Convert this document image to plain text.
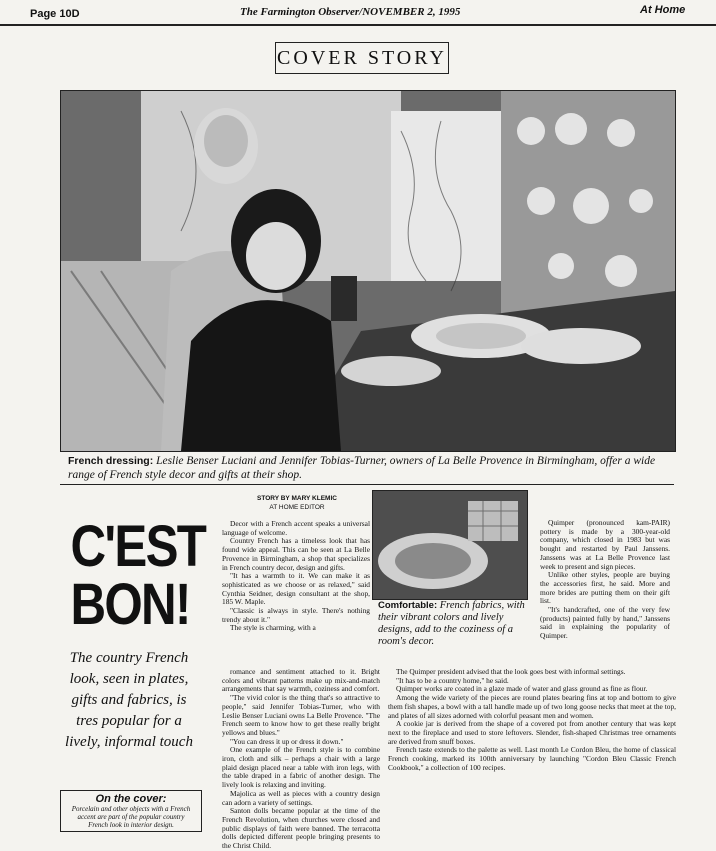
Page 10D	The Farmington Observer/NOVEMBER 2, 1995	At Home
COVER STORY
French dressing: Leslie Benser Luciani and Jennifer Tobias-Turner, owners of La Belle Provence in Birmingham, offer a wide range of French style decor and gifts at their shop.
C'EST
BON!
The country French look, seen in plates, gifts and fabrics, is tres popular for a lively, informal touch
On the cover:
Porcelain and other objects with a French accent are part of the popular country French look in interior design.
STORY BY MARY KLEMIC
AT HOME EDITOR

Decor with a French accent speaks a universal language of welcome.

Country French has a timeless look that has found wide appeal. This can be seen at La Belle Provence in Birmingham, a shop that specializes in French country decor, design and gifts.

"It has a warmth to it. We can make it as sophisticated as we choose or as relaxed," said Cynthia Seidner, design consultant at the shop, 185 W. Maple.

"Classic is always in style. There's nothing trendy about it."

The style is charming, with a

romance and sentiment attached to it. Bright colors and vibrant patterns make up mix-and-match arrangements that say warmth, coziness and comfort.

"The vivid color is the thing that's so attractive to people," said Jennifer Tobias-Turner, who with Leslie Benser Luciani owns La Belle Provence. "The French seem to know how to get these really bright yellows and blues."

"You can dress it up or dress it down."

One example of the French style is to combine iron, cloth and silk – perhaps a chair with a large plaid design placed near a table with iron legs, with the table draped in a fabric of another design. The lively look is relaxing and inviting.

Majolica as well as pieces with a country design can adorn a variety of settings.

Santon dolls became popular at the time of the French Revolution, when churches were closed and public displays of faith were banned. The terracotta dolls depicted different people bringing presents to the Christ Child.

Comfortable: French fabrics, with their vibrant colors and lively designs, add to the coziness of a room's decor.

Quimper (pronounced kam-PAIR) pottery is made by a 300-year-old company, which closed in 1983 but was bought and restarted by Paul Janssens. Janssens was at La Belle Provence last week to present and sign pieces.

Unlike other styles, people are buying the accessories first, he said. More and more brides are putting them on their gift list.

"It's handcrafted, one of the very few (products) painted fully by hand," Janssens said in explaining the popularity of Quimper.

The Quimper president advised that the look goes best with informal settings.

"It has to be a country home," he said.

Quimper works are coated in a glaze made of water and glass ground as fine as flour.

Among the wide variety of the pieces are round plates bearing fins at top and bottom to give them fish shapes, a bowl with a tall handle made up of two long goose necks that meet at the top, and plates of all sizes adorned with colorful peasant men and women.

A cookie jar is derived from the shape of a covered pot from another century that was kept next to the fireplace and used to store leftovers. Slender, fish-shaped Christmas tree ornaments are derived from snuff boxes.

French taste extends to the palette as well. Last month Le Cordon Bleu, the home of classical French cooking, marked its 100th anniversary by launching "Cordon Bleu Classic French Cookbook," a collection of 100 recipes.
